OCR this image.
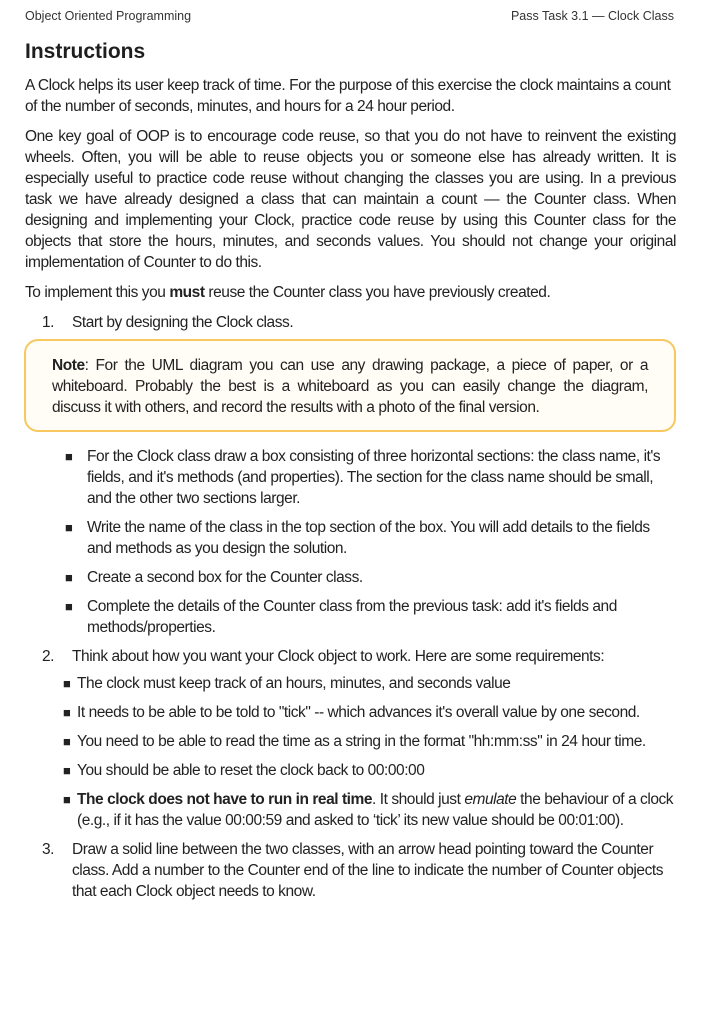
Object Oriented Programming	Pass Task 3.1 — Clock Class
Instructions

A Clock helps its user keep track of time. For the purpose of this exercise the clock maintains a count of the number of seconds, minutes, and hours for a 24 hour period.

One key goal of OOP is to encourage code reuse, so that you do not have to reinvent the existing wheels. Often, you will be able to reuse objects you or someone else has already written. It is especially useful to practice code reuse without changing the classes you are using. In a previous task we have already designed a class that can maintain a count — the Counter class. When designing and implementing your Clock, practice code reuse by using this Counter class for the objects that store the hours, minutes, and seconds values. You should not change your original implementation of Counter to do this.

To implement this you must reuse the Counter class you have previously created.

1. Start by designing the Clock class.
Note: For the UML diagram you can use any drawing package, a piece of paper, or a whiteboard. Probably the best is a whiteboard as you can easily change the diagram, discuss it with others, and record the results with a photo of the final version.
■ For the Clock class draw a box consisting of three horizontal sections: the class name, it's fields, and it's methods (and properties). The section for the class name should be small, and the other two sections larger.
■ Write the name of the class in the top section of the box. You will add details to the fields and methods as you design the solution.
■ Create a second box for the Counter class.
■ Complete the details of the Counter class from the previous task: add it's fields and methods/properties.
2. Think about how you want your Clock object to work. Here are some requirements:
■ The clock must keep track of an hours, minutes, and seconds value
■ It needs to be able to be told to "tick" -- which advances it's overall value by one second.
■ You need to be able to read the time as a string in the format "hh:mm:ss" in 24 hour time.
■ You should be able to reset the clock back to 00:00:00
■ The clock does not have to run in real time. It should just emulate the behaviour of a clock (e.g., if it has the value 00:00:59 and asked to ‘tick’ its new value should be 00:01:00).
3. Draw a solid line between the two classes, with an arrow head pointing toward the Counter class. Add a number to the Counter end of the line to indicate the number of Counter objects that each Clock object needs to know.
